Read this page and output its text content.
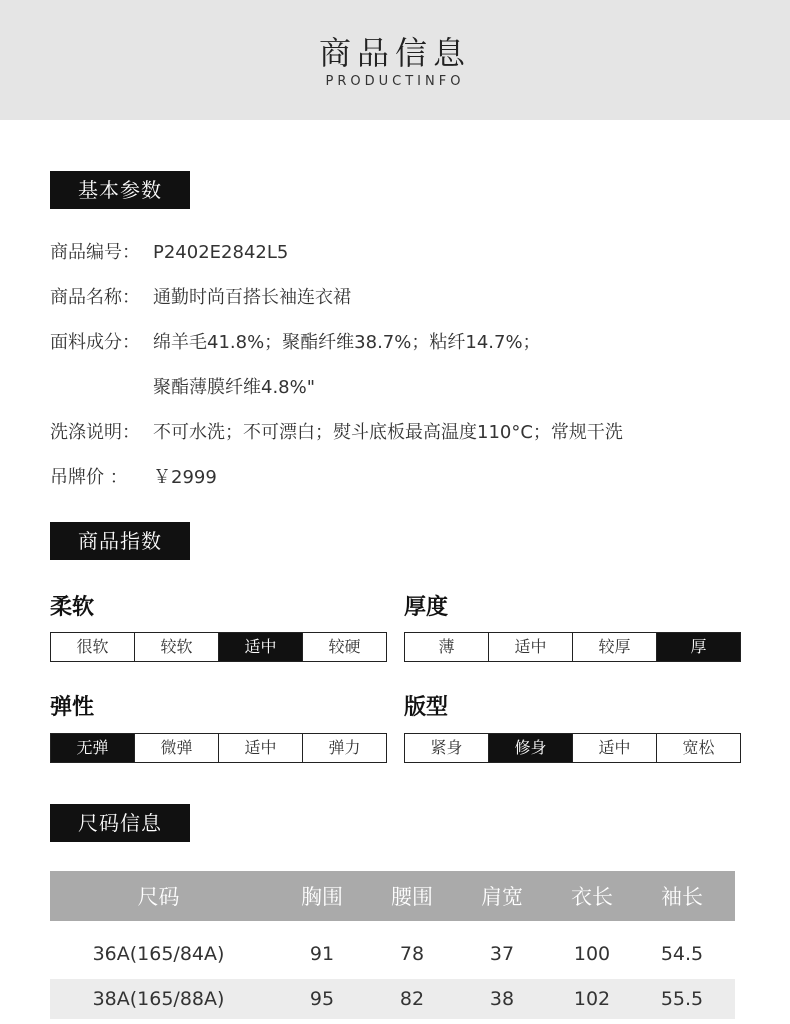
商品信息
PRODUCTINFO
基本参数
商品编号： P2402E2842L5
商品名称： 通勤时尚百搭长袖连衣裙
面料成分： 绵羊毛41.8%；聚酯纤维38.7%；粘纤14.7%；
聚酯薄膜纤维4.8%"
洗涤说明： 不可水洗；不可漂白；熨斗底板最高温度110°C；常规干洗
吊牌价 ： ￥2999
商品指数
柔软
很软	较软	适中	较硬
厚度
薄	适中	较厚	厚
弹性
无弹	微弹	适中	弹力
版型
紧身	修身	适中	宽松
尺码信息
尺码	胸围	腰围	肩宽	衣长	袖长
36A(165/84A)	91	78	37	100	54.5
38A(165/88A)	95	82	38	102	55.5
